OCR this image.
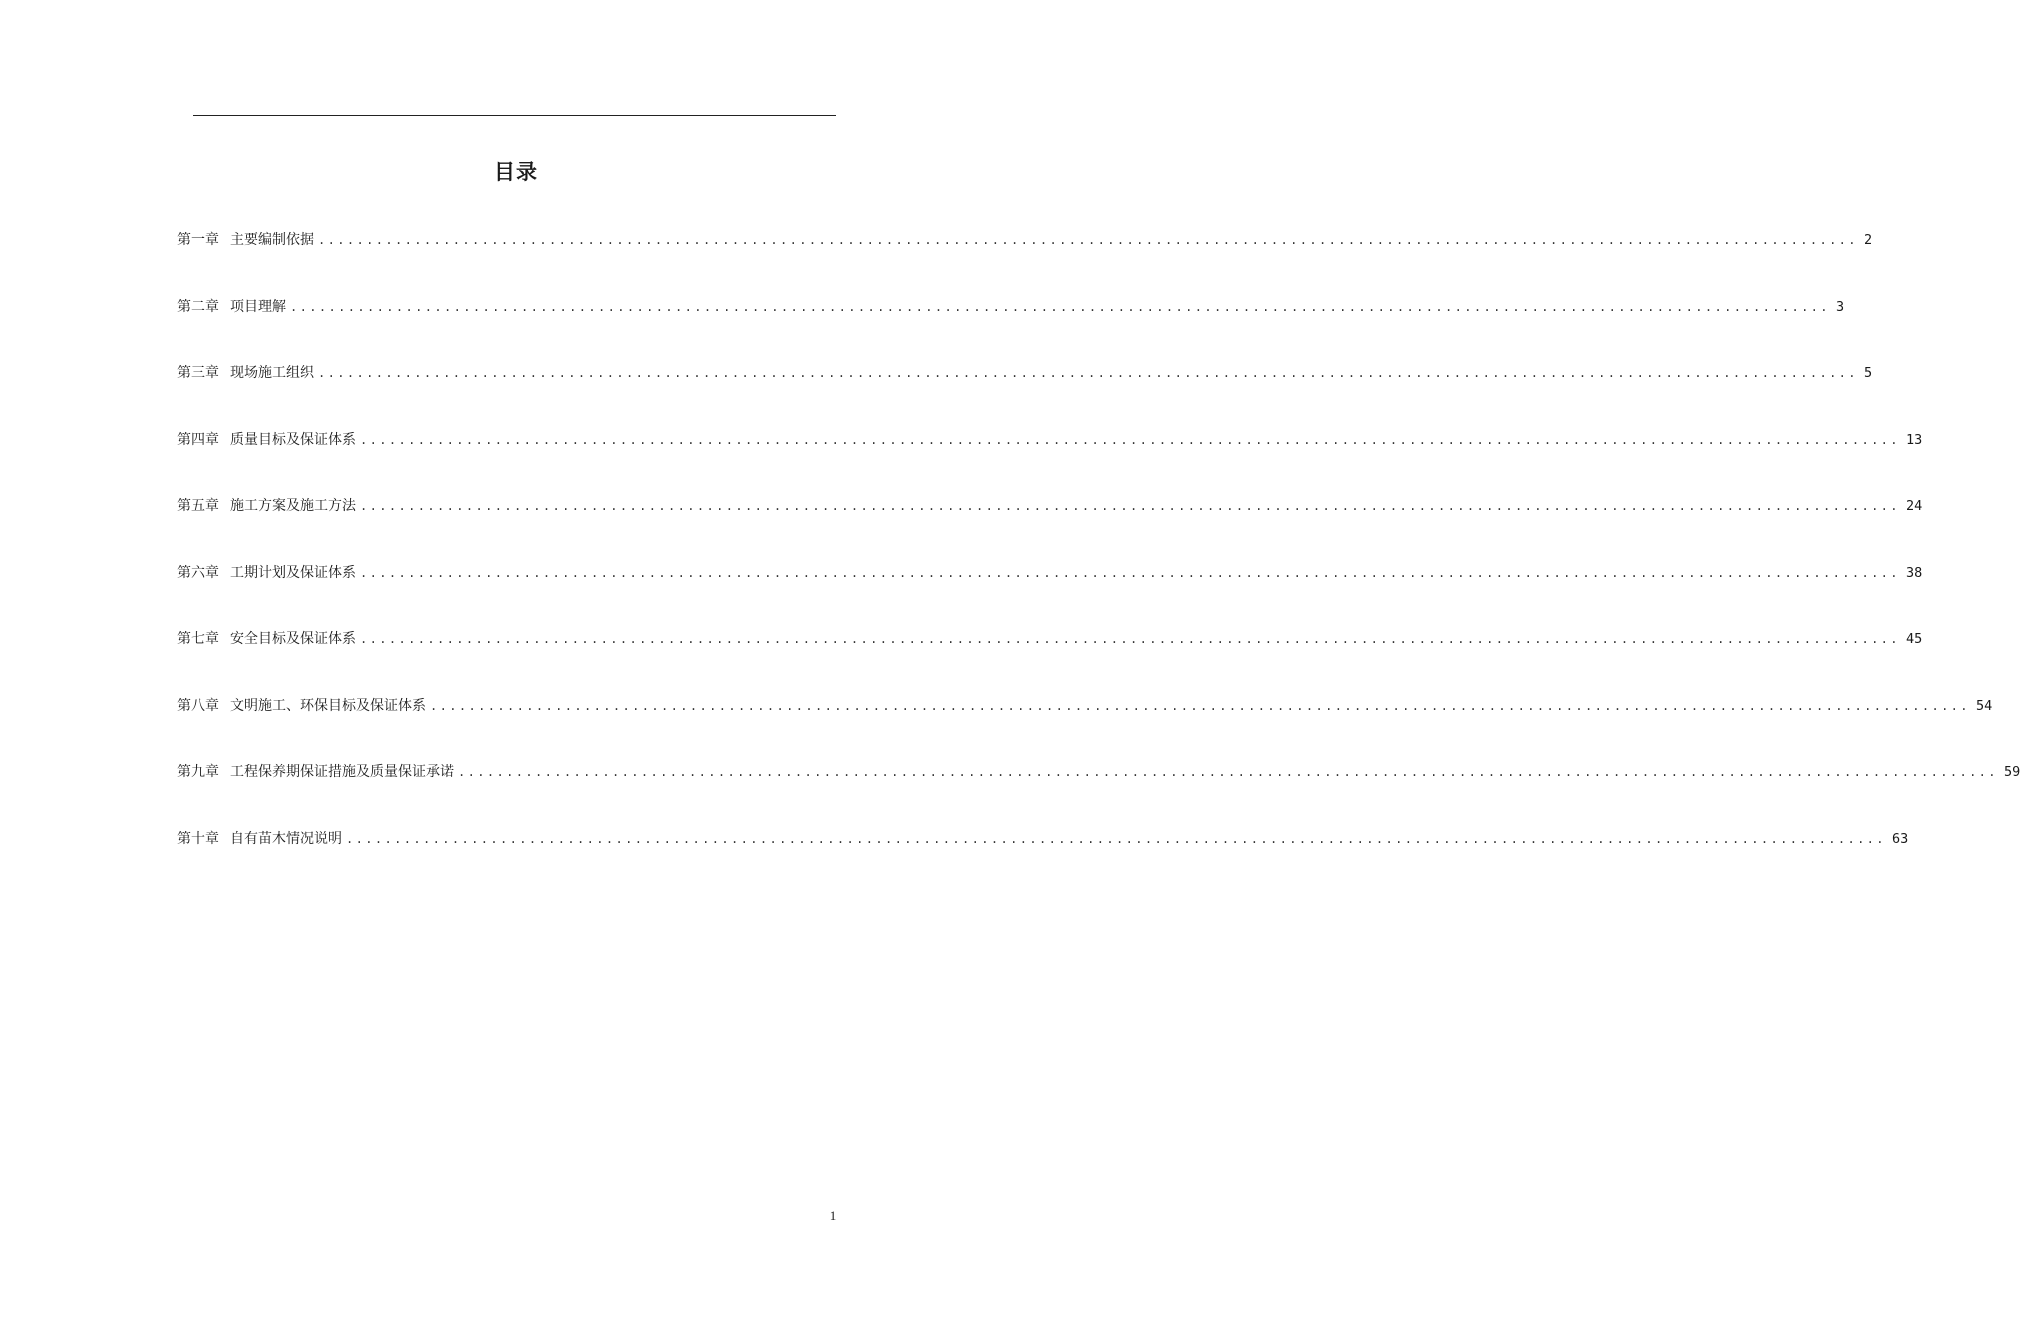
目录
第一章 主要编制依据 ................................................................................................................................................................ 2
第二章 项目理解 ................................................................................................................................................................ 3
第三章 现场施工组织 ................................................................................................................................................................ 5
第四章 质量目标及保证体系 ................................................................................................................................................................ 13
第五章 施工方案及施工方法 ................................................................................................................................................................ 24
第六章 工期计划及保证体系 ................................................................................................................................................................ 38
第七章 安全目标及保证体系 ................................................................................................................................................................ 45
第八章 文明施工、环保目标及保证体系 ................................................................................................................................................................ 54
第九章 工程保养期保证措施及质量保证承诺 ................................................................................................................................................................ 59
第十章 自有苗木情况说明 ................................................................................................................................................................ 63
1
